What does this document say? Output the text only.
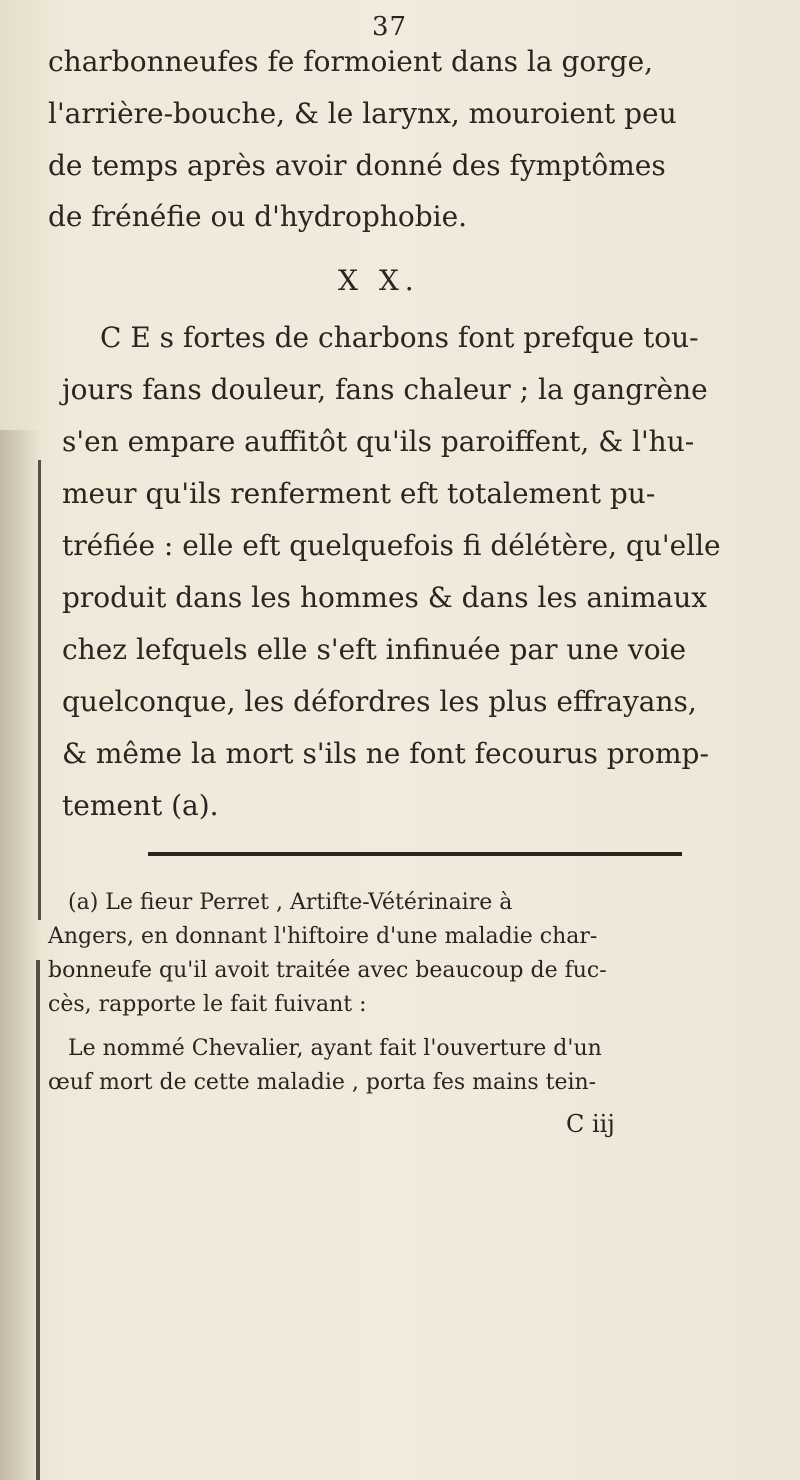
37
charbonneufes fe formoient dans la gorge,
l'arrière-bouche, & le larynx, mouroient peu
de temps après avoir donné des fymptômes
de frénéfie ou d'hydrophobie.
X X.
C E s fortes de charbons font prefque tou-
jours fans douleur, fans chaleur ; la gangrène
s'en empare auffitôt qu'ils paroiffent, & l'hu-
meur qu'ils renferment eft totalement pu-
tréfiée : elle eft quelquefois fi délétère, qu'elle
produit dans les hommes & dans les animaux
chez lefquels elle s'eft infinuée par une voie
quelconque, les défordres les plus effrayans,
& même la mort s'ils ne font fecourus promp-
tement (a).
(a) Le fieur Perret , Artifte-Vétérinaire à
Angers, en donnant l'hiftoire d'une maladie char-
bonneufe qu'il avoit traitée avec beaucoup de fuc-
cès, rapporte le fait fuivant :
Le nommé Chevalier, ayant fait l'ouverture d'un
œuf mort de cette maladie , porta fes mains tein-
C iij
